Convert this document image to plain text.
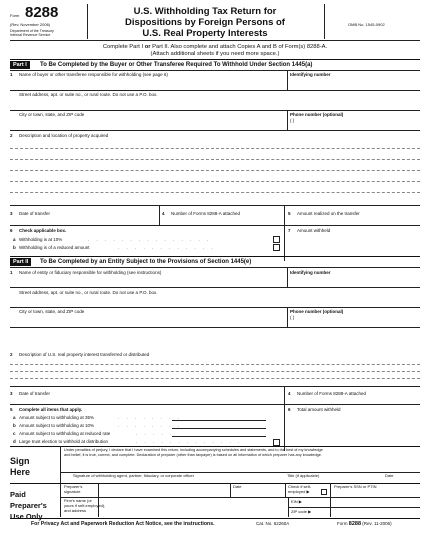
Form 8288
(Rev. November 2006)
Department of the Treasury
Internal Revenue Service
U.S. Withholding Tax Return for
Dispositions by Foreign Persons of
U.S. Real Property Interests
OMB No. 1545-0902
Complete Part I or Part II. Also complete and attach Copies A and B of Form(s) 8288-A.
(Attach additional sheets if you need more space.)
Part I	To Be Completed by the Buyer or Other Transferee Required To Withhold Under Section 1445(a)
1 Name of buyer or other transferee responsible for withholding (see page 6)	Identifying number
Street address, apt. or suite no., or rural route. Do not use a P.O. box.
City or town, state, and ZIP code	Phone number (optional)
( )
2 Description and location of property acquired
3 Date of transfer	4 Number of Forms 8288-A attached	5 Amount realized on the transfer
6 Check applicable box.
a Withholding is at 10%	. . . . . . . . . . . . . . .
b Withholding is of a reduced amount	. . . . . . . . . . . .
7 Amount withheld
Part II	To Be Completed by an Entity Subject to the Provisions of Section 1445(e)
1 Name of entity or fiduciary responsible for withholding (see instructions)	Identifying number
Street address, apt. or suite no., or rural route. Do not use a P.O. box.
City or town, state, and ZIP code	Phone number (optional)
( )
2 Description of U.S. real property interest transferred or distributed
3 Date of transfer	4 Number of Forms 8288-A attached
5 Complete all items that apply.
a Amount subject to withholding at 35%	. . . . . . . .
b Amount subject to withholding at 10%	. . . . . . . .
c Amount subject to withholding at reduced rate	. . . . .
d Large trust election to withhold at distribution	. . . . . . . . . . . . .
6 Total amount withheld
Sign
Here
Under penalties of perjury, I declare that I have examined this return, including accompanying schedules and statements, and to the best of my knowledge
and belief, it is true, correct, and complete. Declaration of preparer (other than taxpayer) is based on all information of which preparer has any knowledge.
Signature of withholding agent, partner, fiduciary, or corporate officer	Title (if applicable)	Date
Paid
Preparer's
Use Only
Preparer's
signature
Date	Check if self-
employed ▶
Preparer's SSN or PTIN
Firm's name (or
yours if self-employed),
and address
EIN ▶
ZIP code ▶
For Privacy Act and Paperwork Reduction Act Notice, see the instructions.	Cat. No. 62260A	Form 8288 (Rev. 11-2006)
